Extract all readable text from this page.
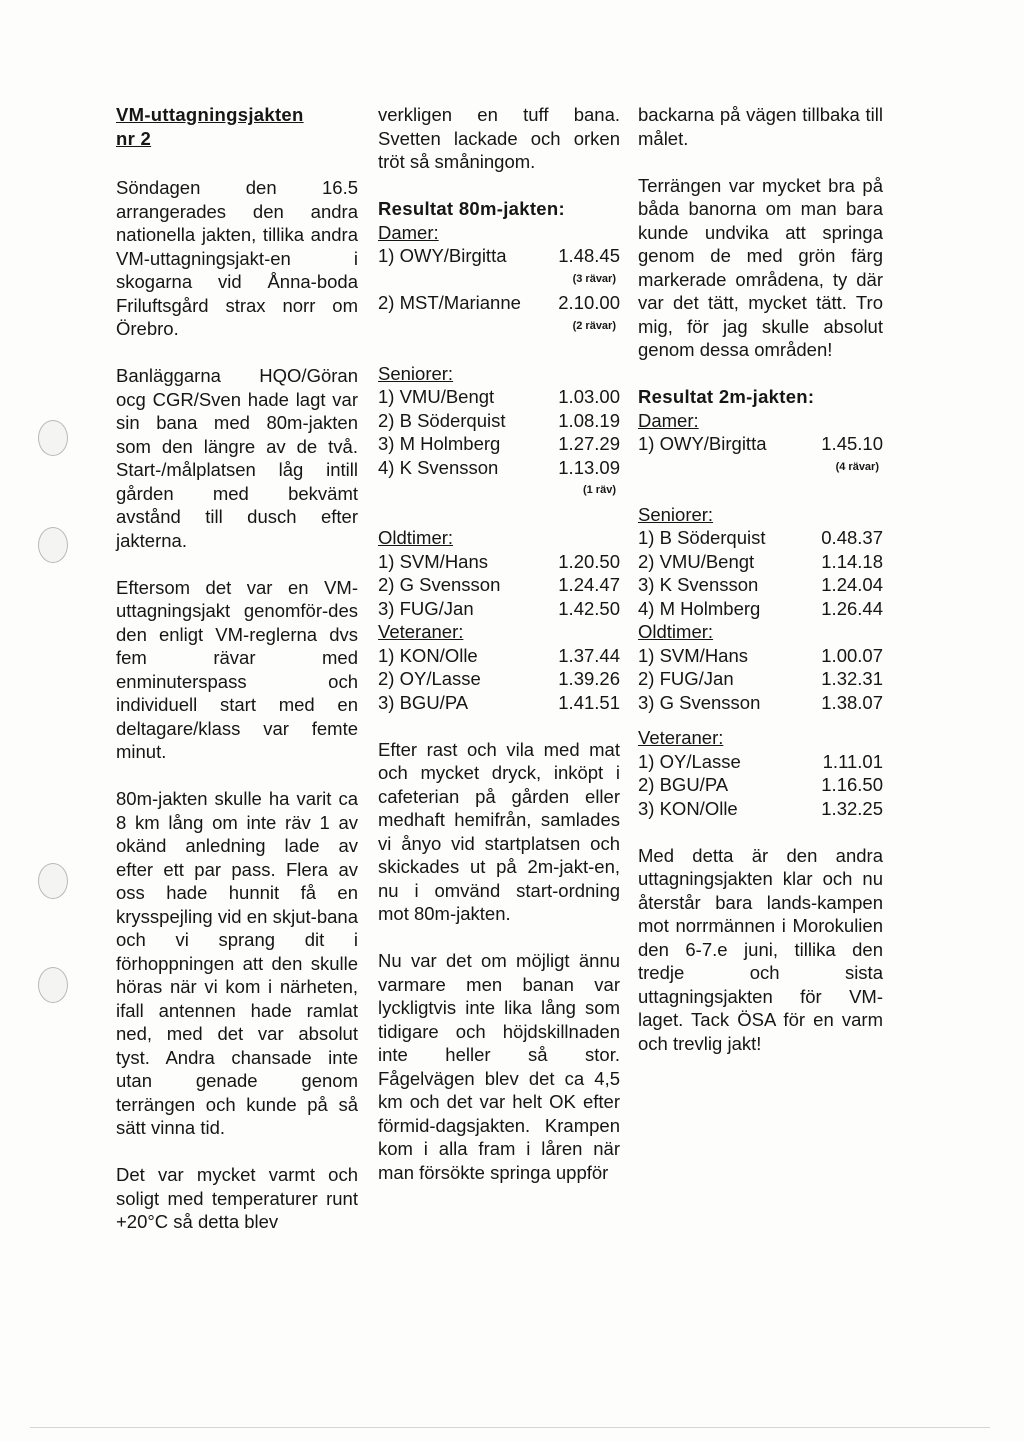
VM-uttagningsjakten

nr 2

Söndagen den 16.5 arrangerades den andra nationella jakten, tillika andra VM-uttagningsjakt-en i skogarna vid Ånna-boda Friluftsgård strax norr om Örebro.

Banläggarna HQO/Göran ocg CGR/Sven hade lagt var sin bana med 80m-jakten som den längre av de två. Start-/målplatsen låg intill gården med bekvämt avstånd till dusch efter jakterna.

Eftersom det var en VM-uttagningsjakt genomför-des den enligt VM-reglerna dvs fem rävar med enminuterspass och individuell start med en deltagare/klass var femte minut.

80m-jakten skulle ha varit ca 8 km lång om inte räv 1 av okänd anledning lade av efter ett par pass. Flera av oss hade hunnit få en krysspejling vid en skjut-bana och vi sprang dit i förhoppningen att den skulle höras när vi kom i närheten, ifall antennen hade ramlat ned, med det var absolut tyst. Andra chansade inte utan genade genom terrängen och kunde på så sätt vinna tid.

Det var mycket varmt och soligt med temperaturer runt +20°C så detta blev

verkligen en tuff bana. Svetten lackade och orken tröt så småningom.

Resultat 80m-jakten:

Damer:

1) OWY/Birgitta	1.48.45

(3 rävar)

2) MST/Marianne 2.10.00

(2 rävar)

Seniorer:

1) VMU/Bengt	1.03.00

2) B Söderquist	1.08.19

3) M Holmberg	1.27.29

4) K Svensson	1.13.09

(1 räv)

Oldtimer:

1) SVM/Hans	1.20.50

2) G Svensson	1.24.47

3) FUG/Jan	1.42.50

Veteraner:

1) KON/Olle	1.37.44

2) OY/Lasse	1.39.26

3) BGU/PA	1.41.51

Efter rast och vila med mat och mycket dryck, inköpt i cafeterian på gården eller medhaft hemifrån, samlades vi ånyo vid startplatsen och skickades ut på 2m-jakt-en, nu i omvänd start-ordning mot 80m-jakten.

Nu var det om möjligt ännu varmare men banan var lyckligtvis inte lika lång som tidigare och höjdskillnaden inte heller så stor. Fågelvägen blev det ca 4,5 km och det var helt OK efter förmid-dagsjakten. Krampen kom i alla fram i låren när man försökte springa uppför

backarna på vägen tillbaka till målet.

Terrängen var mycket bra på båda banorna om man bara kunde undvika att springa genom de med grön färg markerade områdena, ty där var det tätt, mycket tätt. Tro mig, för jag skulle absolut genom dessa områden!

Resultat 2m-jakten:

Damer:

1) OWY/Birgitta	1.45.10

(4 rävar)

Seniorer:

1) B Söderquist	0.48.37

2) VMU/Bengt	1.14.18

3) K Svensson	1.24.04

4) M Holmberg	1.26.44

Oldtimer:

1) SVM/Hans	1.00.07

2) FUG/Jan	1.32.31

3) G Svensson	1.38.07

Veteraner:

1) OY/Lasse	1.11.01

2) BGU/PA	1.16.50

3) KON/Olle	1.32.25

Med detta är den andra uttagningsjakten klar och nu återstår bara lands-kampen mot norrmännen i Morokulien den 6-7.e juni, tillika den tredje och sista uttagningsjakten för VM-laget. Tack ÖSA för en varm och trevlig jakt!
